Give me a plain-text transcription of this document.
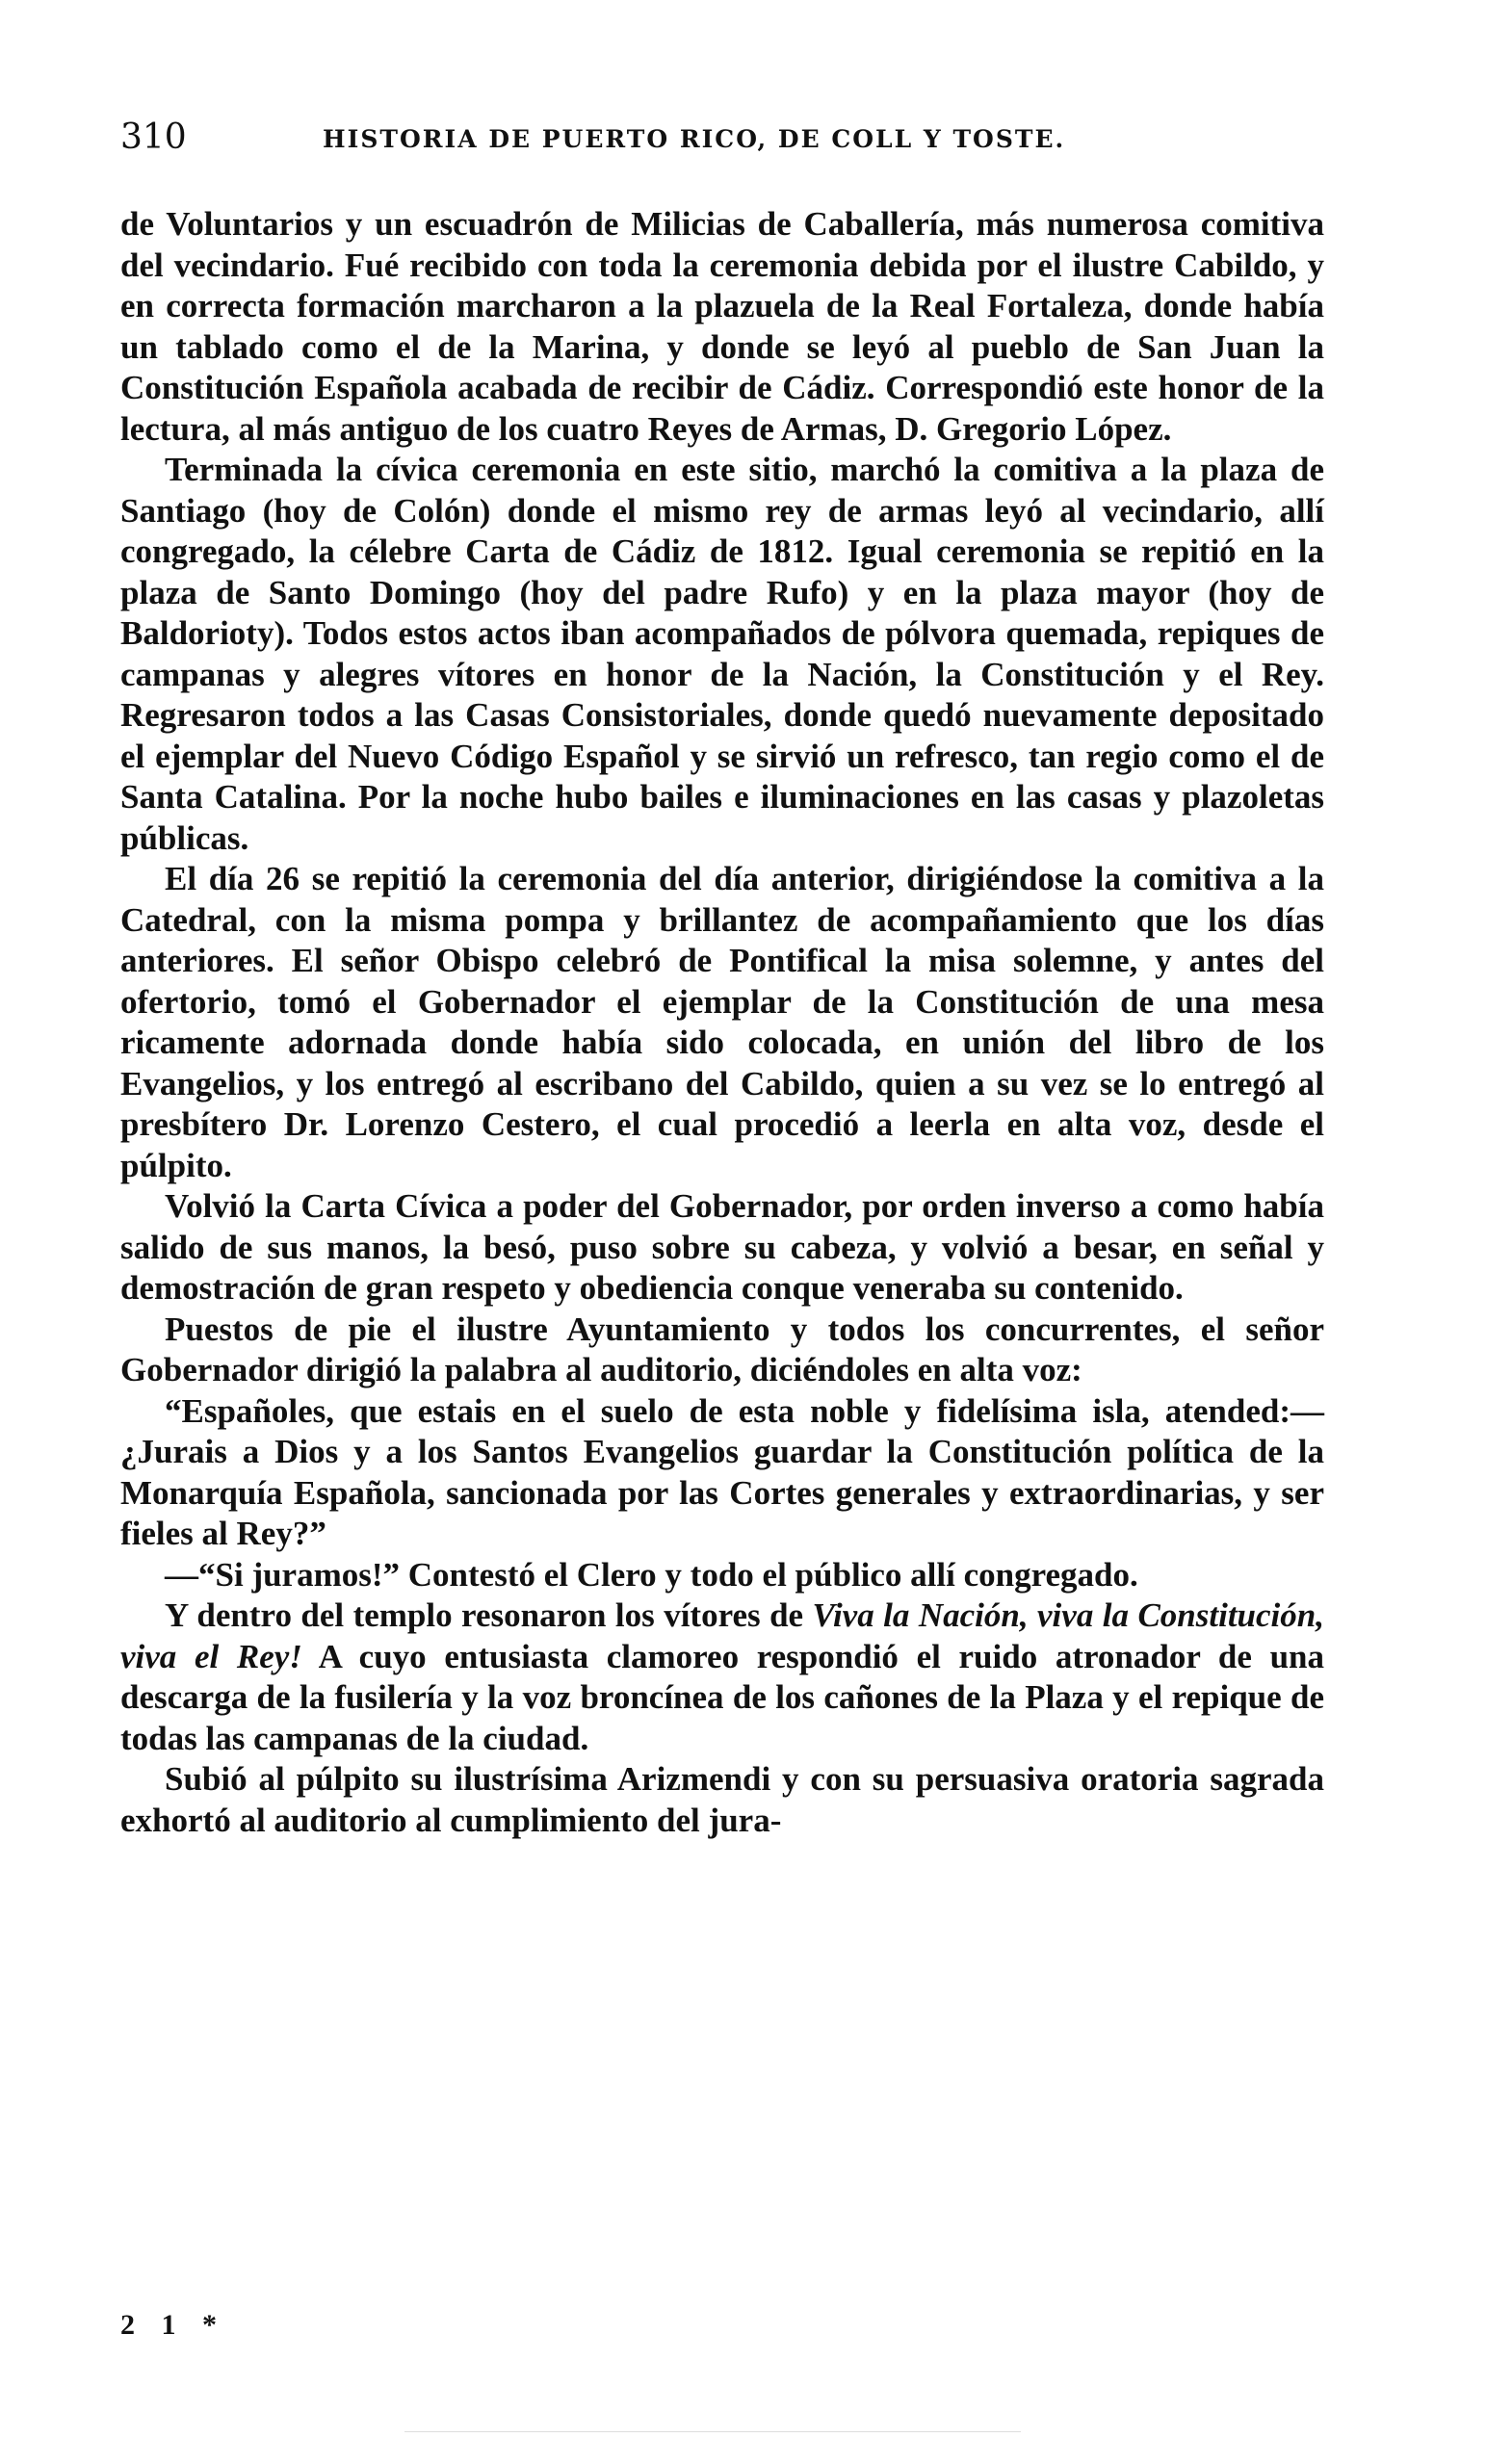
310	HISTORIA DE PUERTO RICO, DE COLL Y TOSTE.

de Voluntarios y un escuadrón de Milicias de Caballería, más numerosa comitiva del vecindario. Fué recibido con toda la ceremonia debida por el ilustre Cabildo, y en correcta formación marcharon a la plazuela de la Real Fortaleza, donde había un tablado como el de la Marina, y donde se leyó al pueblo de San Juan la Constitución Española acabada de recibir de Cádiz. Correspondió este honor de la lectura, al más antiguo de los cuatro Reyes de Armas, D. Gregorio López.

Terminada la cívica ceremonia en este sitio, marchó la comitiva a la plaza de Santiago (hoy de Colón) donde el mismo rey de armas leyó al vecindario, allí congregado, la célebre Carta de Cádiz de 1812. Igual ceremonia se repitió en la plaza de Santo Domingo (hoy del padre Rufo) y en la plaza mayor (hoy de Baldorioty). Todos estos actos iban acompañados de pólvora quemada, repiques de campanas y alegres vítores en honor de la Nación, la Constitución y el Rey. Regresaron todos a las Casas Consistoriales, donde quedó nuevamente depositado el ejemplar del Nuevo Código Español y se sirvió un refresco, tan regio como el de Santa Catalina. Por la noche hubo bailes e iluminaciones en las casas y plazoletas públicas.

El día 26 se repitió la ceremonia del día anterior, dirigiéndose la comitiva a la Catedral, con la misma pompa y brillantez de acompañamiento que los días anteriores. El señor Obispo celebró de Pontifical la misa solemne, y antes del ofertorio, tomó el Gobernador el ejemplar de la Constitución de una mesa ricamente adornada donde había sido colocada, en unión del libro de los Evangelios, y los entregó al escribano del Cabildo, quien a su vez se lo entregó al presbítero Dr. Lorenzo Cestero, el cual procedió a leerla en alta voz, desde el púlpito.

Volvió la Carta Cívica a poder del Gobernador, por orden inverso a como había salido de sus manos, la besó, puso sobre su cabeza, y volvió a besar, en señal y demostración de gran respeto y obediencia conque veneraba su contenido.

Puestos de pie el ilustre Ayuntamiento y todos los concurrentes, el señor Gobernador dirigió la palabra al auditorio, diciéndoles en alta voz:

“Españoles, que estais en el suelo de esta noble y fidelísima isla, atended:—¿Jurais a Dios y a los Santos Evangelios guardar la Constitución política de la Monarquía Española, sancionada por las Cortes generales y extraordinarias, y ser fieles al Rey?”

—“Si juramos!” Contestó el Clero y todo el público allí congregado.

Y dentro del templo resonaron los vítores de Viva la Nación, viva la Constitución, viva el Rey! A cuyo entusiasta clamoreo respondió el ruido atronador de una descarga de la fusilería y la voz broncínea de los cañones de la Plaza y el repique de todas las campanas de la ciudad.

Subió al púlpito su ilustrísima Arizmendi y con su persuasiva oratoria sagrada exhortó al auditorio al cumplimiento del jura-

2 1 *
